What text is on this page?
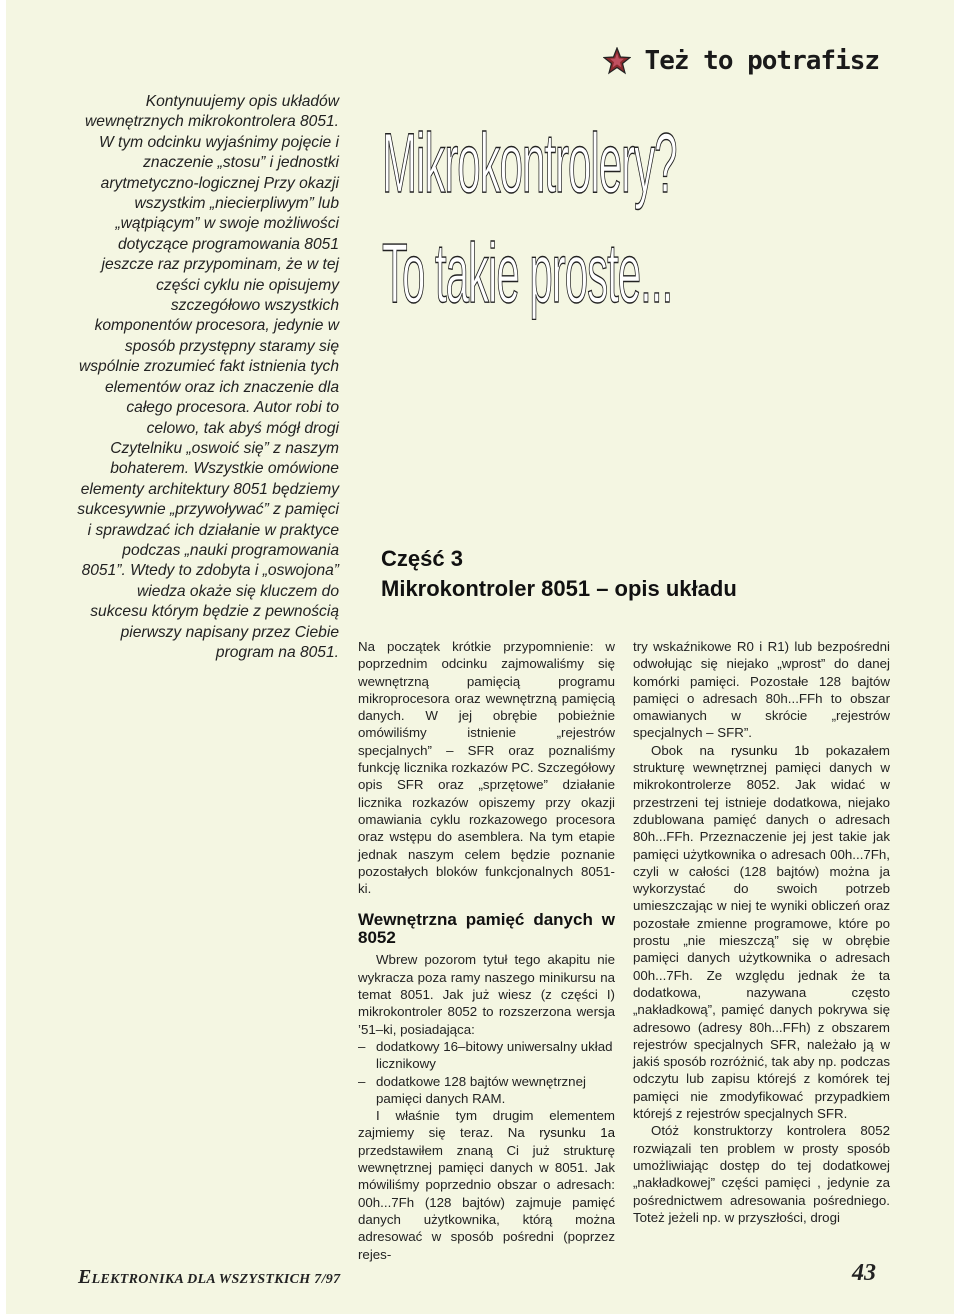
Też to potrafisz
Kontynuujemy opis układów wewnętrznych mikrokontrolera 8051. W tym odcinku wyjaśnimy pojęcie i znaczenie „stosu” i jednostki arytmetyczno-logicznej Przy okazji wszystkim „niecierpliwym” lub „wątpiącym” w swoje możliwości dotyczące programowania 8051 jeszcze raz przypominam, że w tej części cyklu nie opisujemy szczegółowo wszystkich komponentów procesora, jedynie w sposób przystępny staramy się wspólnie zrozumieć fakt istnienia tych elementów oraz ich znaczenie dla całego procesora. Autor robi to celowo, tak abyś mógł drogi Czytelniku „oswoić się” z naszym bohaterem. Wszystkie omówione elementy architektury 8051 będziemy sukcesywnie „przywoływać” z pamięci i sprawdzać ich działanie w praktyce podczas „nauki programowania 8051”. Wtedy to zdobyta i „oswojona” wiedza okaże się kluczem do sukcesu którym będzie z pewnością pierwszy napisany przez Ciebie program na 8051.
Mikrokontrolery?
To takie proste...
Część 3
Mikrokontroler 8051 – opis układu

Na początek krótkie przypomnienie: w poprzednim odcinku zajmowaliśmy się wewnętrzną pamięcią programu mikroprocesora oraz wewnętrzną pamięcią danych. W jej obrębie pobieżnie omówiliśmy istnienie „rejestrów specjalnych” – SFR oraz poznaliśmy funkcję licznika rozkazów PC. Szczegółowy opis SFR oraz „sprzętowe” działanie licznika rozkazów opiszemy przy okazji omawiania cyklu rozkazowego procesora oraz wstępu do asemblera. Na tym etapie jednak naszym celem będzie poznanie pozostałych bloków funkcjonalnych 8051-ki.

Wewnętrzna pamięć danych w 8052

Wbrew pozorom tytuł tego akapitu nie wykracza poza ramy naszego minikursu na temat 8051. Jak już wiesz (z części I) mikrokontroler 8052 to rozszerzona wersja ’51–ki, posiadająca:

– dodatkowy 16–bitowy uniwersalny układ licznikowy
– dodatkowe 128 bajtów wewnętrznej pamięci danych RAM.

I właśnie tym drugim elementem zajmiemy się teraz. Na rysunku 1a przedstawiłem znaną Ci już strukturę wewnętrznej pamięci danych w 8051. Jak mówiliśmy poprzednio obszar o adresach: 00h...7Fh (128 bajtów) zajmuje pamięć danych użytkownika, którą można adresować w sposób pośredni (poprzez rejes-

try wskaźnikowe R0 i R1) lub bezpośredni odwołując się niejako „wprost” do danej komórki pamięci. Pozostałe 128 bajtów pamięci o adresach 80h...FFh to obszar omawianych w skrócie „rejestrów specjalnych – SFR”.

Obok na rysunku 1b pokazałem strukturę wewnętrznej pamięci danych w mikrokontrolerze 8052. Jak widać w przestrzeni tej istnieje dodatkowa, niejako zdublowana pamięć danych o adresach 80h...FFh. Przeznaczenie jej jest takie jak pamięci użytkownika o adresach 00h...7Fh, czyli w całości (128 bajtów) można ja wykorzystać do swoich potrzeb umieszczając w niej te wyniki obliczeń oraz pozostałe zmienne programowe, które po prostu „nie mieszczą” się w obrębie pamięci danych użytkownika o adresach 00h...7Fh. Ze względu jednak że ta dodatkowa, nazywana często „nakładkową”, pamięć danych pokrywa się adresowo (adresy 80h...FFh) z obszarem rejestrów specjalnych SFR, należało ją w jakiś sposób rozróżnić, tak aby np. podczas odczytu lub zapisu którejś z komórek tej pamięci nie zmodyfikować przypadkiem którejś z rejestrów specjalnych SFR.

Otóż konstruktorzy kontrolera 8052 rozwiązali ten problem w prosty sposób umożliwiając dostęp do tej dodatkowej „nakładkowej” części pamięci , jedynie za pośrednictwem adresowania pośredniego. Toteż jeżeli np. w przyszłości, drogi

ELEKTRONIKA DLA WSZYSTKICH 7/97	43
